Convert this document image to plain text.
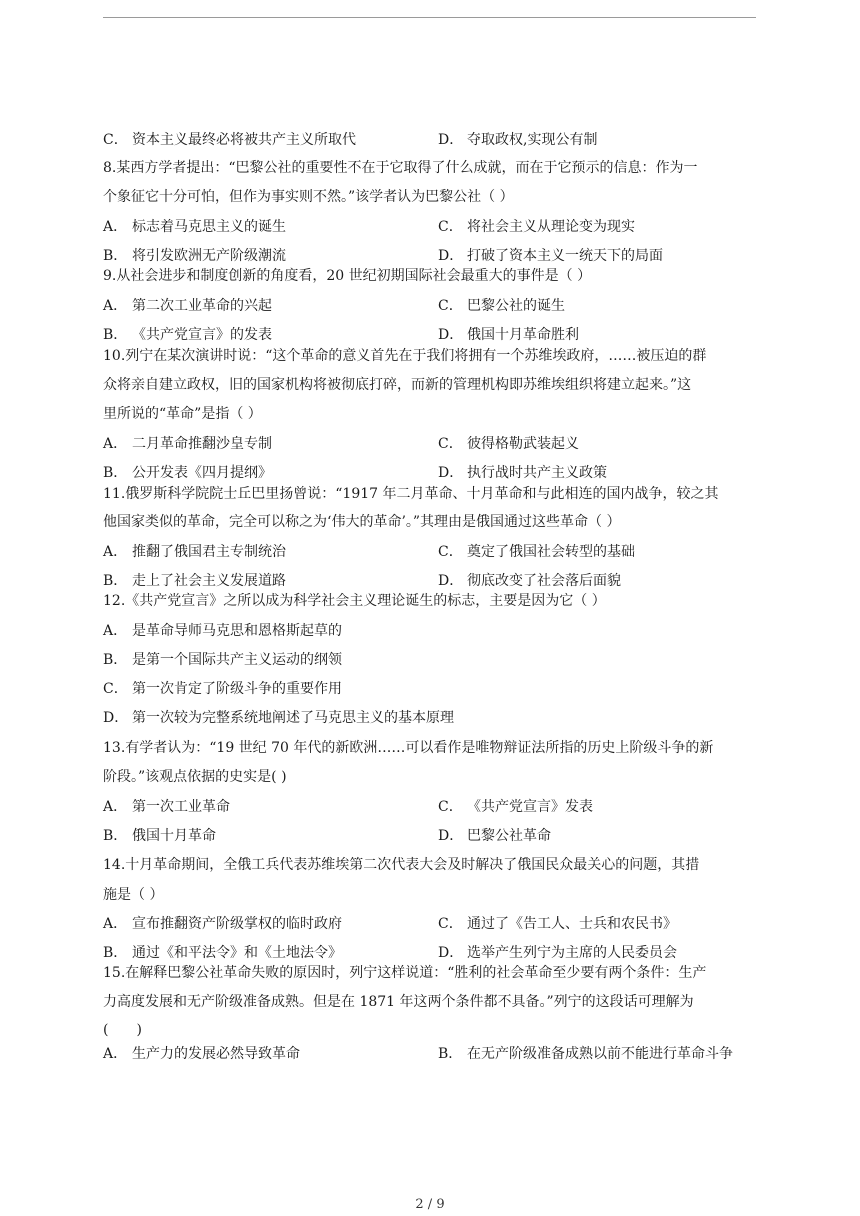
C． 资本主义最终必将被共产主义所取代	D． 夺取政权,实现公有制
8.某西方学者提出：“巴黎公社的重要性不在于它取得了什么成就，而在于它预示的信息：作为一
个象征它十分可怕，但作为事实则不然。”该学者认为巴黎公社（ ）
A． 标志着马克思主义的诞生	C． 将社会主义从理论变为现实
B． 将引发欧洲无产阶级潮流	D． 打破了资本主义一统天下的局面
9.从社会进步和制度创新的角度看，20 世纪初期国际社会最重大的事件是（ ）
A． 第二次工业革命的兴起	C． 巴黎公社的诞生
B． 《共产党宣言》的发表	D． 俄国十月革命胜利
10.列宁在某次演讲时说：“这个革命的意义首先在于我们将拥有一个苏维埃政府，……被压迫的群
众将亲自建立政权，旧的国家机构将被彻底打碎，而新的管理机构即苏维埃组织将建立起来。”这
里所说的“革命”是指（ ）
A． 二月革命推翻沙皇专制	C． 彼得格勒武装起义
B． 公开发表《四月提纲》	D． 执行战时共产主义政策
11.俄罗斯科学院院士丘巴里扬曾说：“1917 年二月革命、十月革命和与此相连的国内战争，较之其
他国家类似的革命，完全可以称之为‘伟大的革命’。”其理由是俄国通过这些革命（ ）
A． 推翻了俄国君主专制统治	C． 奠定了俄国社会转型的基础
B． 走上了社会主义发展道路	D． 彻底改变了社会落后面貌
12.《共产党宣言》之所以成为科学社会主义理论诞生的标志，主要是因为它（ ）
A． 是革命导师马克思和恩格斯起草的
B． 是第一个国际共产主义运动的纲领
C． 第一次肯定了阶级斗争的重要作用
D． 第一次较为完整系统地阐述了马克思主义的基本原理
13.有学者认为：“19 世纪 70 年代的新欧洲……可以看作是唯物辩证法所指的历史上阶级斗争的新
阶段。”该观点依据的史实是( )
A． 第一次工业革命	C． 《共产党宣言》发表
B． 俄国十月革命	D． 巴黎公社革命
14.十月革命期间，全俄工兵代表苏维埃第二次代表大会及时解决了俄国民众最关心的问题，其措
施是（ ）
A． 宣布推翻资产阶级掌权的临时政府	C． 通过了《告工人、士兵和农民书》
B． 通过《和平法令》和《土地法令》	D． 选举产生列宁为主席的人民委员会
15.在解释巴黎公社革命失败的原因时，列宁这样说道：“胜利的社会革命至少要有两个条件：生产
力高度发展和无产阶级准备成熟。但是在 1871 年这两个条件都不具备。”列宁的这段话可理解为
(　　)
A． 生产力的发展必然导致革命	B． 在无产阶级准备成熟以前不能进行革命斗争
2 / 9
